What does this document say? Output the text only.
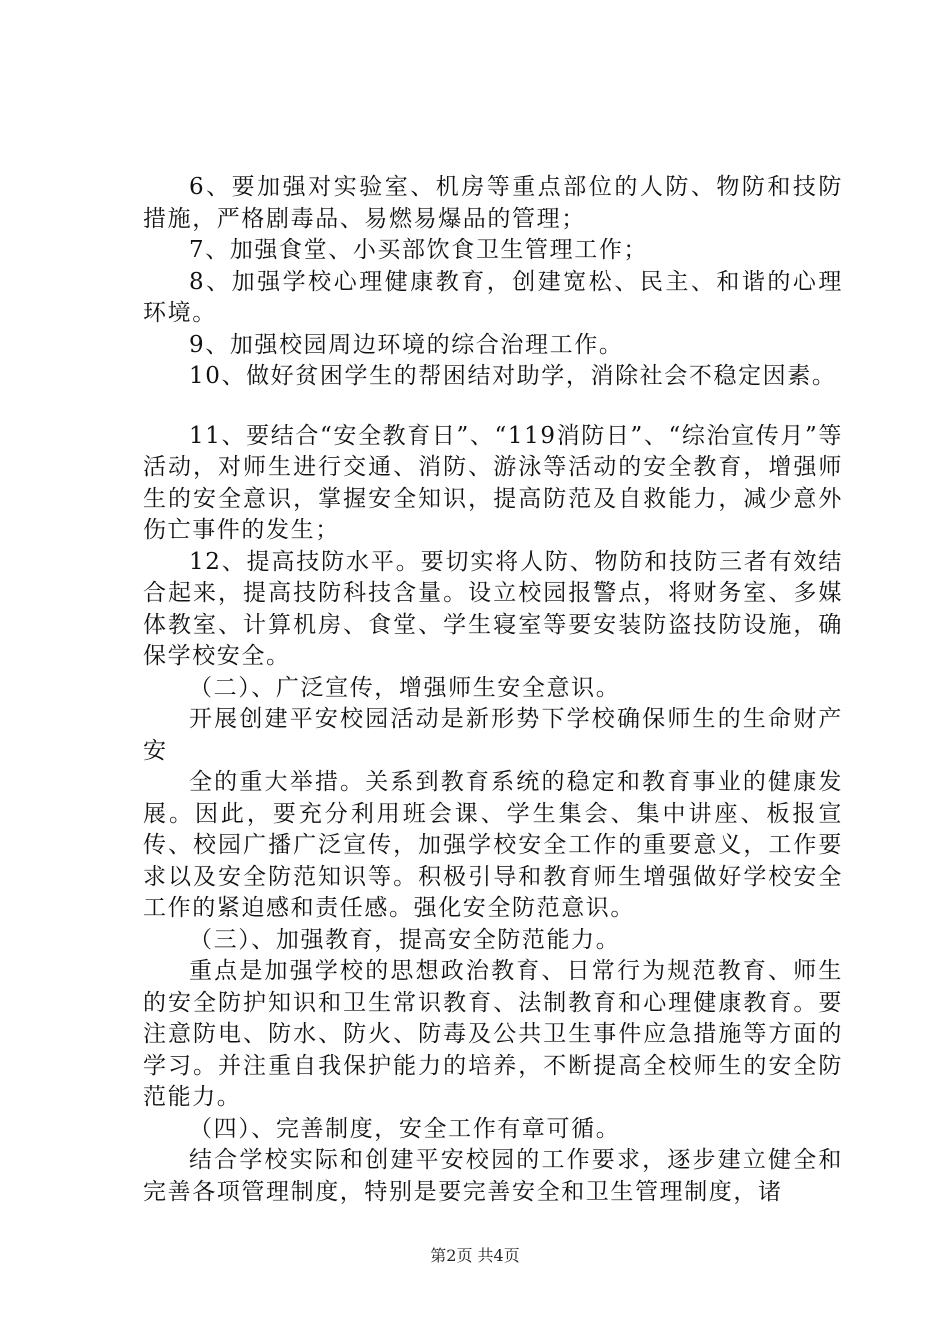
6、要加强对实验室、机房等重点部位的人防、物防和技防措施，严格剧毒品、易燃易爆品的管理；

7、加强食堂、小买部饮食卫生管理工作；

8、加强学校心理健康教育，创建宽松、民主、和谐的心理环境。

9、加强校园周边环境的综合治理工作。

10、做好贫困学生的帮困结对助学，消除社会不稳定因素。

11、要结合“安全教育日”、“119消防日”、“综治宣传月”等活动，对师生进行交通、消防、游泳等活动的安全教育，增强师生的安全意识，掌握安全知识，提高防范及自救能力，减少意外伤亡事件的发生；

12、提高技防水平。要切实将人防、物防和技防三者有效结合起来，提高技防科技含量。设立校园报警点，将财务室、多媒体教室、计算机房、食堂、学生寝室等要安装防盗技防设施，确保学校安全。

（二）、广泛宣传，增强师生安全意识。

开展创建平安校园活动是新形势下学校确保师生的生命财产安

全的重大举措。关系到教育系统的稳定和教育事业的健康发展。因此，要充分利用班会课、学生集会、集中讲座、板报宣传、校园广播广泛宣传，加强学校安全工作的重要意义，工作要求以及安全防范知识等。积极引导和教育师生增强做好学校安全工作的紧迫感和责任感。强化安全防范意识。

（三）、加强教育，提高安全防范能力。

重点是加强学校的思想政治教育、日常行为规范教育、师生的安全防护知识和卫生常识教育、法制教育和心理健康教育。要注意防电、防水、防火、防毒及公共卫生事件应急措施等方面的学习。并注重自我保护能力的培养，不断提高全校师生的安全防范能力。

（四）、完善制度，安全工作有章可循。

结合学校实际和创建平安校园的工作要求，逐步建立健全和完善各项管理制度，特别是要完善安全和卫生管理制度，诸

第2页 共4页
